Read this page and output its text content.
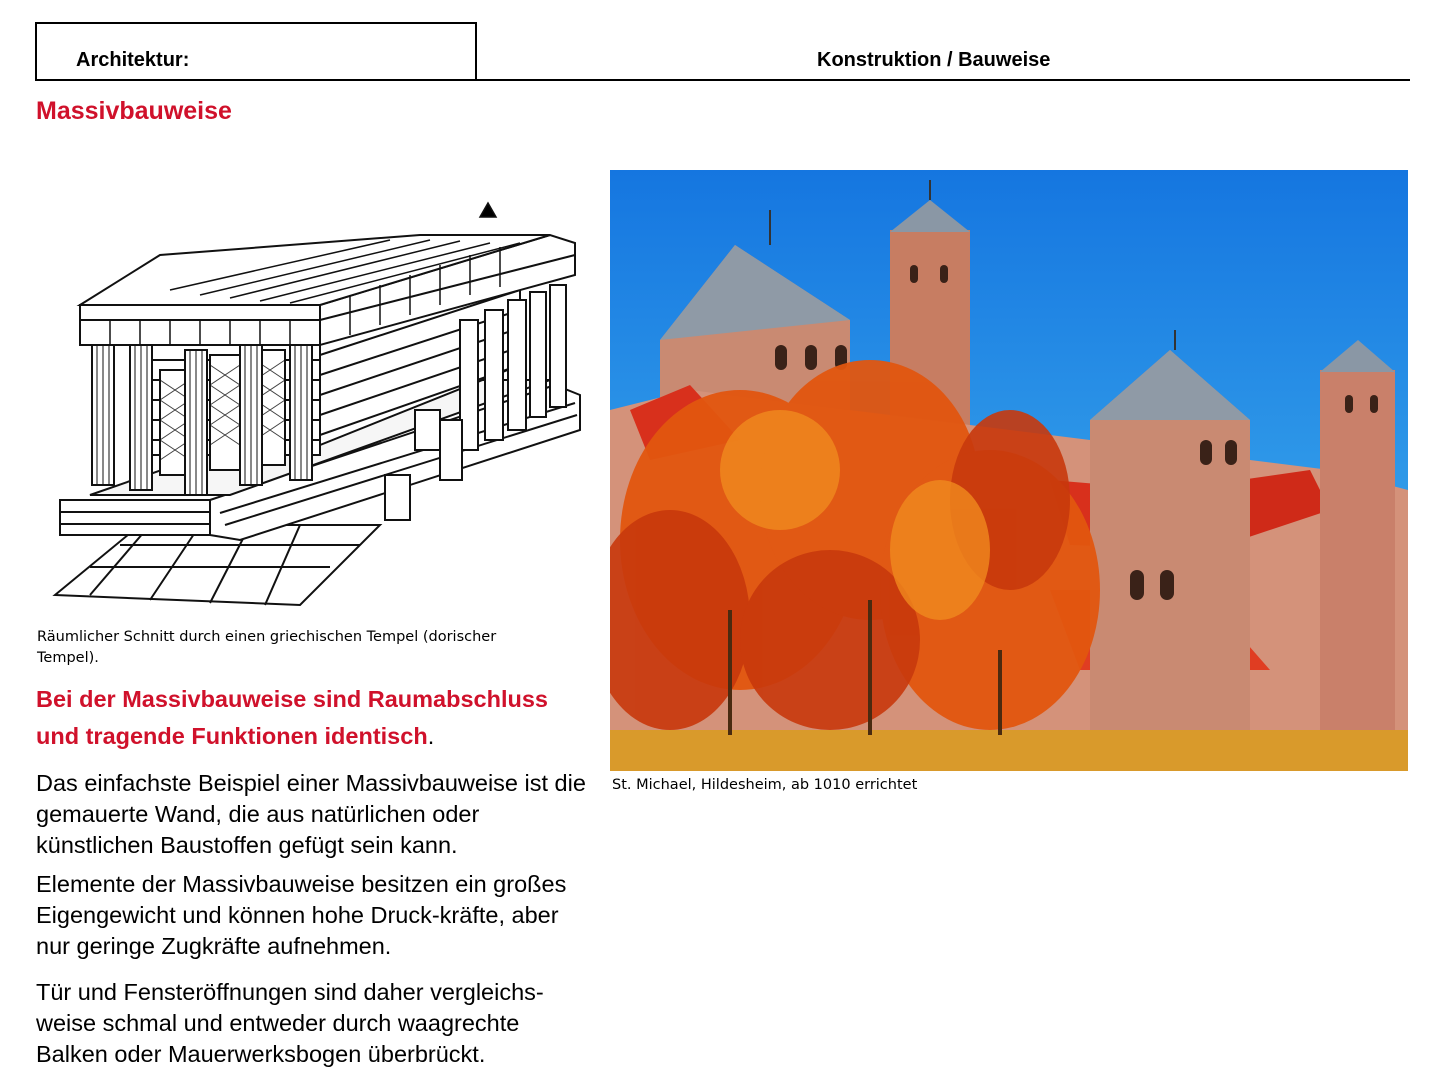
Architektur:	Konstruktion / Bauweise
Massivbauweise
Räumlicher Schnitt durch einen griechischen Tempel (dorischer Tempel).
Bei der Massivbauweise sind Raumabschluss und tragende Funktionen identisch.
Das einfachste Beispiel einer Massivbauweise ist die gemauerte Wand, die aus natürlichen oder künstlichen Baustoffen gefügt sein kann.
Elemente der Massivbauweise besitzen ein großes Eigengewicht und können hohe Druck-kräfte, aber nur geringe Zugkräfte aufnehmen.
Tür und Fensteröffnungen sind daher vergleichs-weise schmal und entweder durch waagrechte Balken oder Mauerwerksbogen überbrückt.
St. Michael, Hildesheim, ab 1010 errichtet
